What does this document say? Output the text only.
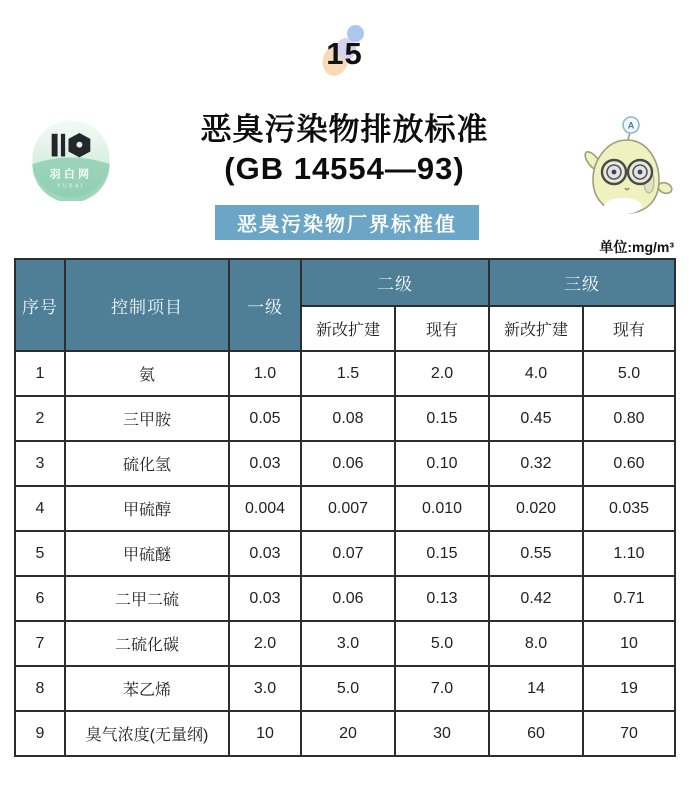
15
羽白网
YUBAI
恶臭污染物排放标准
(GB 14554—93)
A
恶臭污染物厂界标准值
单位:mg/m³
序号	控制项目	一级	二级		三级	
			新改扩建	现有	新改扩建	现有
1	氨	1.0	1.5	2.0	4.0	5.0
2	三甲胺	0.05	0.08	0.15	0.45	0.80
3	硫化氢	0.03	0.06	0.10	0.32	0.60
4	甲硫醇	0.004	0.007	0.010	0.020	0.035
5	甲硫醚	0.03	0.07	0.15	0.55	1.10
6	二甲二硫	0.03	0.06	0.13	0.42	0.71
7	二硫化碳	2.0	3.0	5.0	8.0	10
8	苯乙烯	3.0	5.0	7.0	14	19
9	臭气浓度(无量纲)	10	20	30	60	70
